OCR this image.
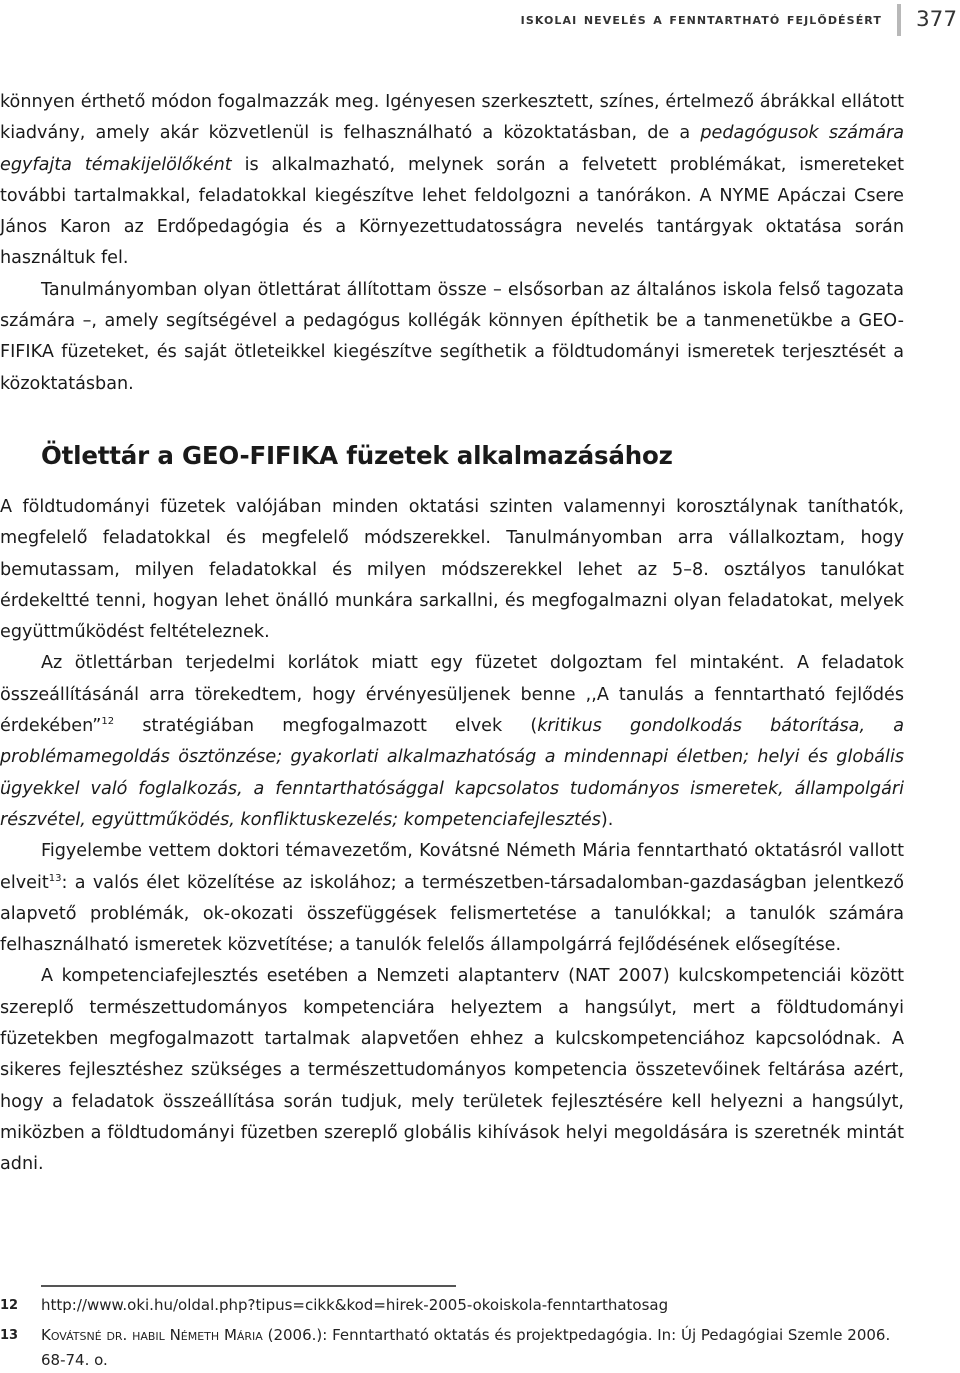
iskolai nevelés a fenntartható fejlődésért 377

könnyen érthető módon fogalmazzák meg. Igényesen szerkesztett, színes, értelmező ábrákkal ellátott kiadvány, amely akár közvetlenül is felhasználható a közoktatásban, de a pedagógusok számára egyfajta témakijelölőként is alkalmazható, melynek során a felvetett problémákat, ismereteket további tartalmakkal, feladatokkal kiegészítve lehet feldolgozni a tanórákon. A NYME Apáczai Csere János Karon az Erdőpedagógia és a Környezettudatosságra nevelés tantárgyak oktatása során használtuk fel.

Tanulmányomban olyan ötlettárat állítottam össze – elsősorban az általános iskola felső tagozata számára –, amely segítségével a pedagógus kollégák könnyen építhetik be a tanmenetükbe a GEO-FIFIKA füzeteket, és saját ötleteikkel kiegészítve segíthetik a földtudományi ismeretek terjesztését a közoktatásban.

Ötlettár a GEO-FIFIKA füzetek alkalmazásához

A földtudományi füzetek valójában minden oktatási szinten valamennyi korosztálynak taníthatók, megfelelő feladatokkal és megfelelő módszerekkel. Tanulmányomban arra vállalkoztam, hogy bemutassam, milyen feladatokkal és milyen módszerekkel lehet az 5–8. osztályos tanulókat érdekeltté tenni, hogyan lehet önálló munkára sarkallni, és megfogalmazni olyan feladatokat, melyek együttműködést feltételeznek.

Az ötlettárban terjedelmi korlátok miatt egy füzetet dolgoztam fel mintaként. A feladatok összeállításánál arra törekedtem, hogy érvényesüljenek benne ,,A tanulás a fenntartható fejlődés érdekében”$^{12}$ stratégiában megfogalmazott elvek (kritikus gondolkodás bátorítása, a problémamegoldás ösztönzése; gyakorlati alkalmazhatóság a mindennapi életben; helyi és globális ügyekkel való foglalkozás, a fenntarthatósággal kapcsolatos tudományos ismeretek, állampolgári részvétel, együttműködés, konfliktuskezelés; kompetenciafejlesztés).

Figyelembe vettem doktori témavezetőm, Kovátsné Németh Mária fenntartható oktatásról vallott elveit$^{13}$: a valós élet közelítése az iskolához; a természetben-társadalomban-gazdaságban jelentkező alapvető problémák, ok-okozati összefüggések felismertetése a tanulókkal; a tanulók számára felhasználható ismeretek közvetítése; a tanulók felelős állampolgárrá fejlődésének elősegítése.

A kompetenciafejlesztés esetében a Nemzeti alaptanterv (NAT 2007) kulcskompetenciái között szereplő természettudományos kompetenciára helyeztem a hangsúlyt, mert a földtudományi füzetekben megfogalmazott tartalmak alapvetően ehhez a kulcskompetenciához kapcsolódnak. A sikeres fejlesztéshez szükséges a természettudományos kompetencia összetevőinek feltárása azért, hogy a feladatok összeállítása során tudjuk, mely területek fejlesztésére kell helyezni a hangsúlyt, miközben a földtudományi füzetben szereplő globális kihívások helyi megoldására is szeretnék mintát adni.

12 http://www.oki.hu/oldal.php?tipus=cikk&kod=hirek-2005-okoiskola-fenntarthatosag
13 Kovátsné dr. habil Németh Mária (2006.): Fenntartható oktatás és projektpedagógia. In: Új Pedagógiai Szemle 2006. 68-74. o.
